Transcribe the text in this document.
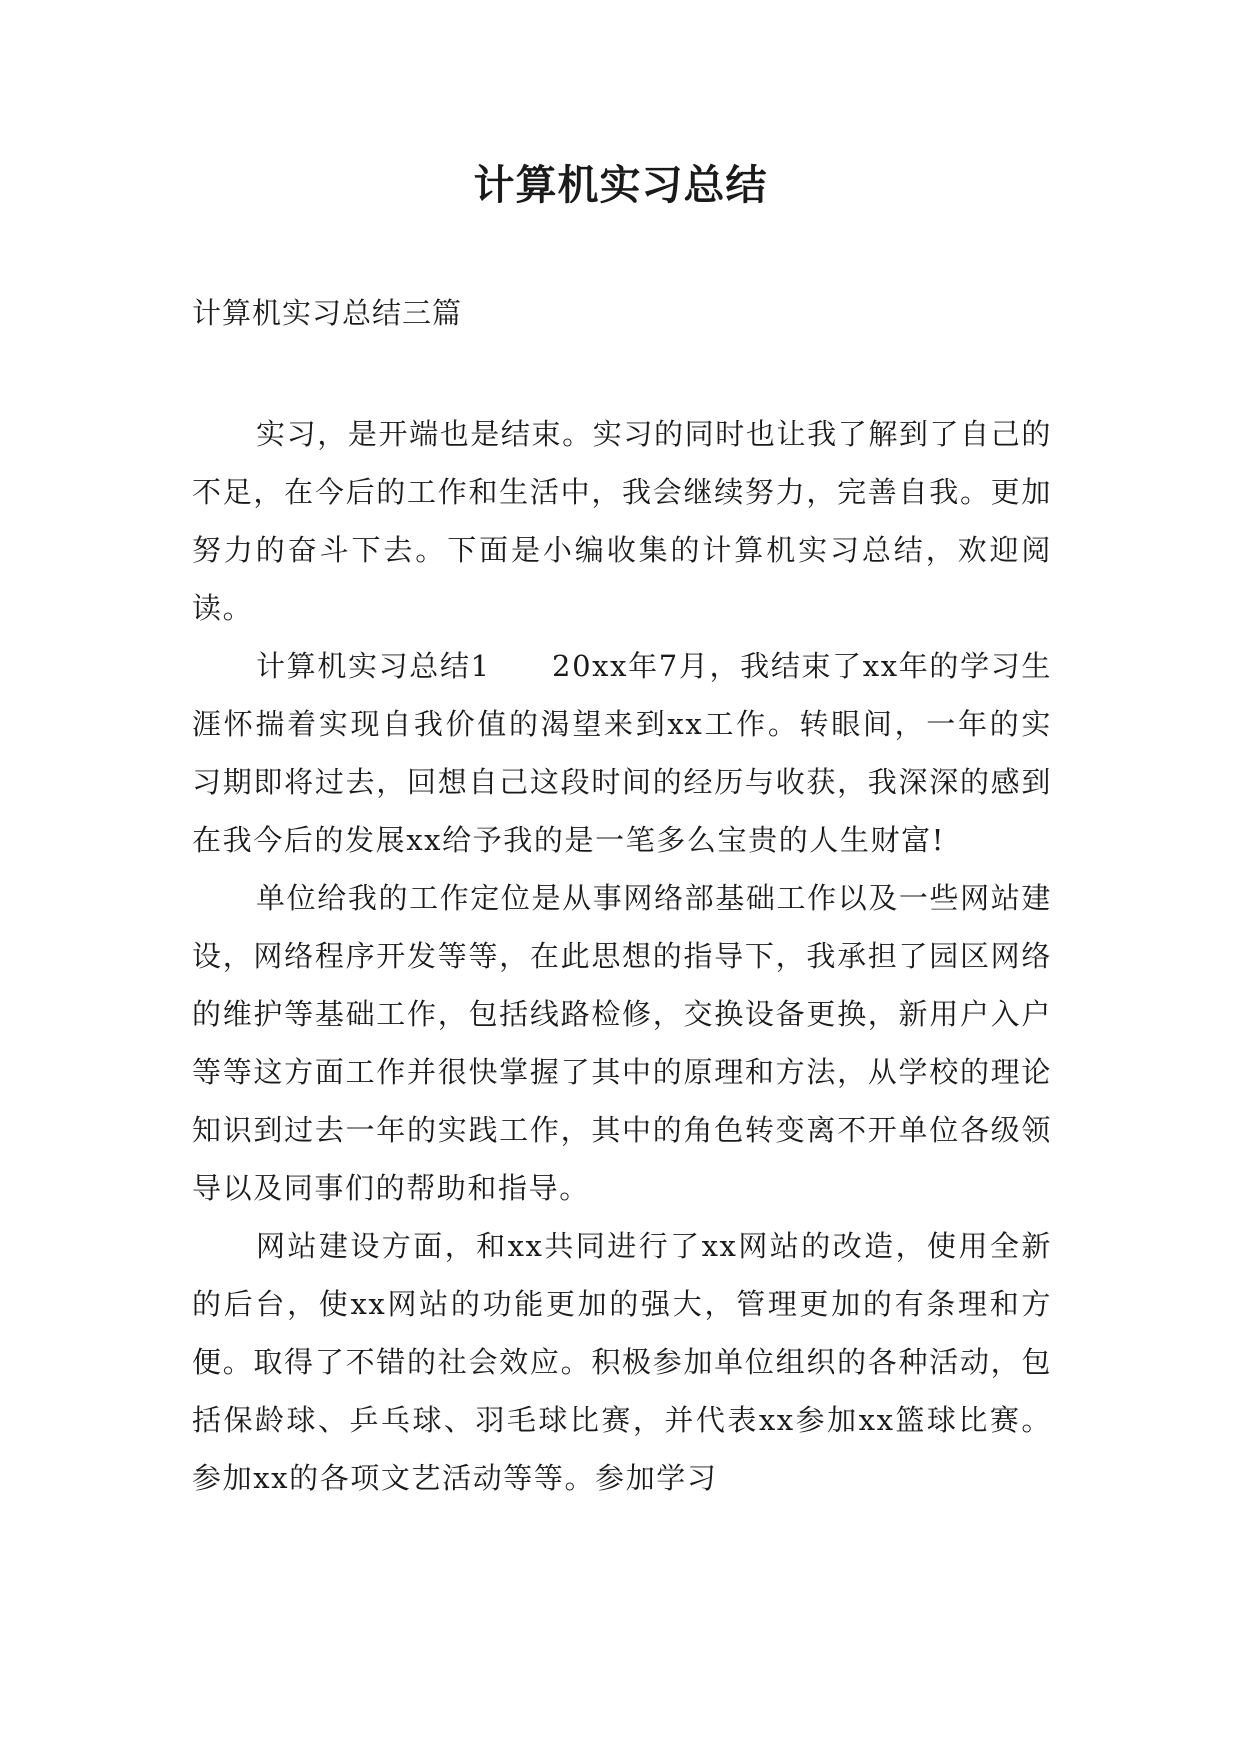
计算机实习总结
计算机实习总结三篇

实习，是开端也是结束。实习的同时也让我了解到了自己的不足，在今后的工作和生活中，我会继续努力，完善自我。更加努力的奋斗下去。下面是小编收集的计算机实习总结，欢迎阅读。

计算机实习总结1　　20xx年7月，我结束了xx年的学习生涯怀揣着实现自我价值的渴望来到xx工作。转眼间，一年的实习期即将过去，回想自己这段时间的经历与收获，我深深的感到在我今后的发展xx给予我的是一笔多么宝贵的人生财富!

单位给我的工作定位是从事网络部基础工作以及一些网站建设，网络程序开发等等，在此思想的指导下，我承担了园区网络的维护等基础工作，包括线路检修，交换设备更换，新用户入户等等这方面工作并很快掌握了其中的原理和方法，从学校的理论知识到过去一年的实践工作，其中的角色转变离不开单位各级领导以及同事们的帮助和指导。

网站建设方面，和xx共同进行了xx网站的改造，使用全新的后台，使xx网站的功能更加的强大，管理更加的有条理和方便。取得了不错的社会效应。积极参加单位组织的各种活动，包括保龄球、乒乓球、羽毛球比赛，并代表xx参加xx篮球比赛。参加xx的各项文艺活动等等。参加学习
